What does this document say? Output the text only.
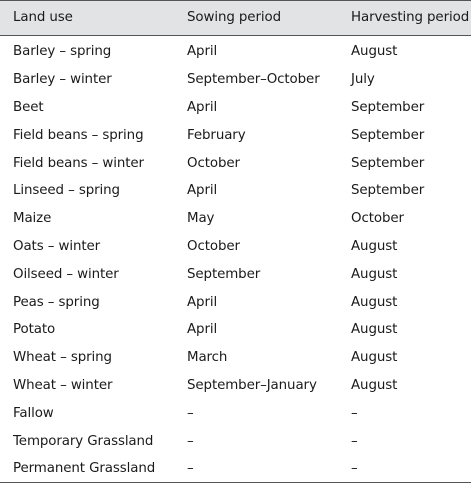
Land use	Sowing period	Harvesting period

Barley – spring	April	August
Barley – winter	September–October	July
Beet	April	September
Field beans – spring	February	September
Field beans – winter	October	September
Linseed – spring	April	September
Maize	May	October
Oats – winter	October	August
Oilseed – winter	September	August
Peas – spring	April	August
Potato	April	August
Wheat – spring	March	August
Wheat – winter	September–January	August
Fallow	–	–
Temporary Grassland	–	–
Permanent Grassland	–	–
